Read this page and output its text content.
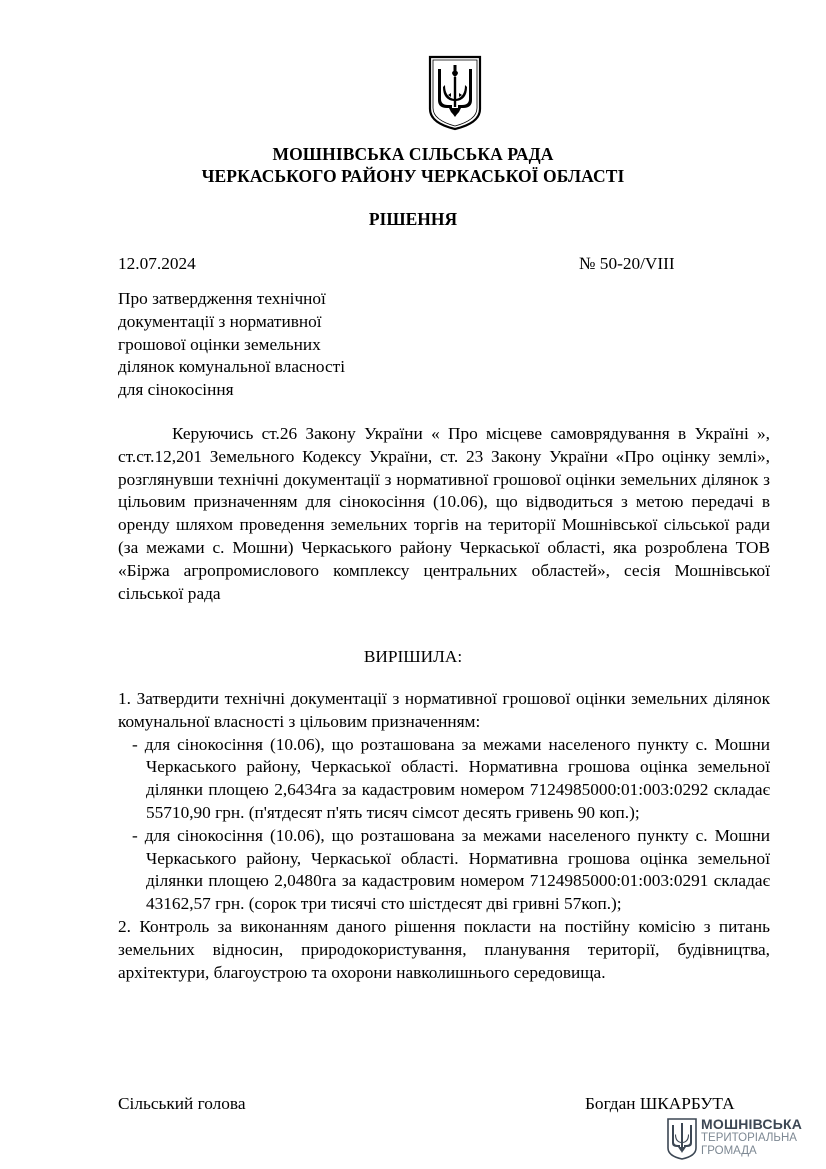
МОШНІВСЬКА СІЛЬСЬКА РАДА
ЧЕРКАСЬКОГО РАЙОНУ ЧЕРКАСЬКОЇ ОБЛАСТІ
РІШЕННЯ
12.07.2024	№ 50-20/VIII
Про затвердження технічної
документації з нормативної
грошової оцінки земельних
ділянок комунальної власності
для сінокосіння

Керуючись ст.26 Закону України « Про місцеве самоврядування в Україні », ст.ст.12,201 Земельного Кодексу України, ст. 23 Закону України «Про оцінку землі», розглянувши технічні документації з нормативної грошової оцінки земельних ділянок з цільовим призначенням для сінокосіння (10.06), що відводиться з метою передачі в оренду шляхом проведення земельних торгів на території Мошнівської сільської ради (за межами с. Мошни) Черкаського району Черкаської області, яка розроблена ТОВ «Біржа агропромислового комплексу центральних областей», сесія Мошнівської сільської рада

ВИРІШИЛА:

1. Затвердити технічні документації з нормативної грошової оцінки земельних ділянок комунальної власності з цільовим призначенням:

- для сінокосіння (10.06), що розташована за межами населеного пункту с. Мошни Черкаського району, Черкаської області. Нормативна грошова оцінка земельної ділянки площею 2,6434га за кадастровим номером 7124985000:01:003:0292 складає 55710,90 грн. (п'ятдесят п'ять тисяч сімсот десять гривень 90 коп.);

- для сінокосіння (10.06), що розташована за межами населеного пункту с. Мошни Черкаського району, Черкаської області. Нормативна грошова оцінка земельної ділянки площею 2,0480га за кадастровим номером 7124985000:01:003:0291 складає 43162,57 грн. (сорок три тисячі сто шістдесят дві гривні 57коп.);

2. Контроль за виконанням даного рішення покласти на постійну комісію з питань земельних відносин, природокористування, планування території, будівництва, архітектури, благоустрою та охорони навколишнього середовища.

Сільський голова	Богдан ШКАРБУТА
МОШНІВСЬКА
ТЕРИТОРІАЛЬНА
ГРОМАДА
